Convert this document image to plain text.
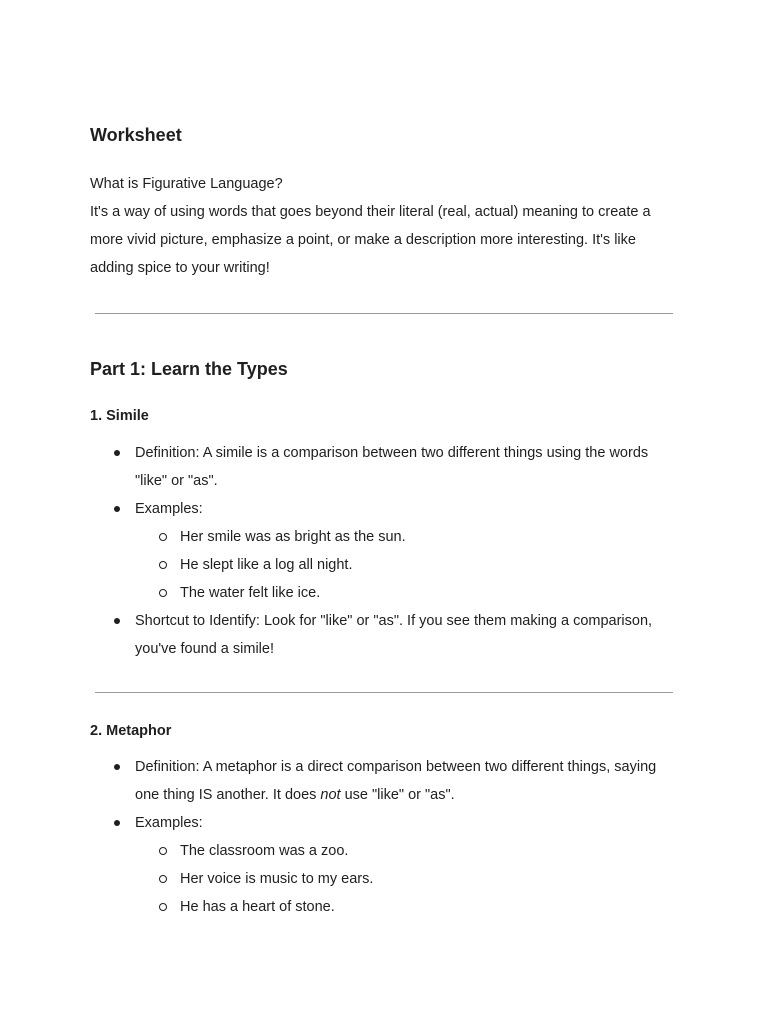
Worksheet

What is Figurative Language?

It's a way of using words that goes beyond their literal (real, actual) meaning to create a more vivid picture, emphasize a point, or make a description more interesting. It's like adding spice to your writing!

Part 1: Learn the Types
1. Simile
Definition: A simile is a comparison between two different things using the words "like" or "as".
Examples:
Her smile was as bright as the sun.
He slept like a log all night.
The water felt like ice.
Shortcut to Identify: Look for "like" or "as". If you see them making a comparison, you've found a simile!
2. Metaphor
Definition: A metaphor is a direct comparison between two different things, saying one thing IS another. It does not use "like" or "as".
Examples:
The classroom was a zoo.
Her voice is music to my ears.
He has a heart of stone.
